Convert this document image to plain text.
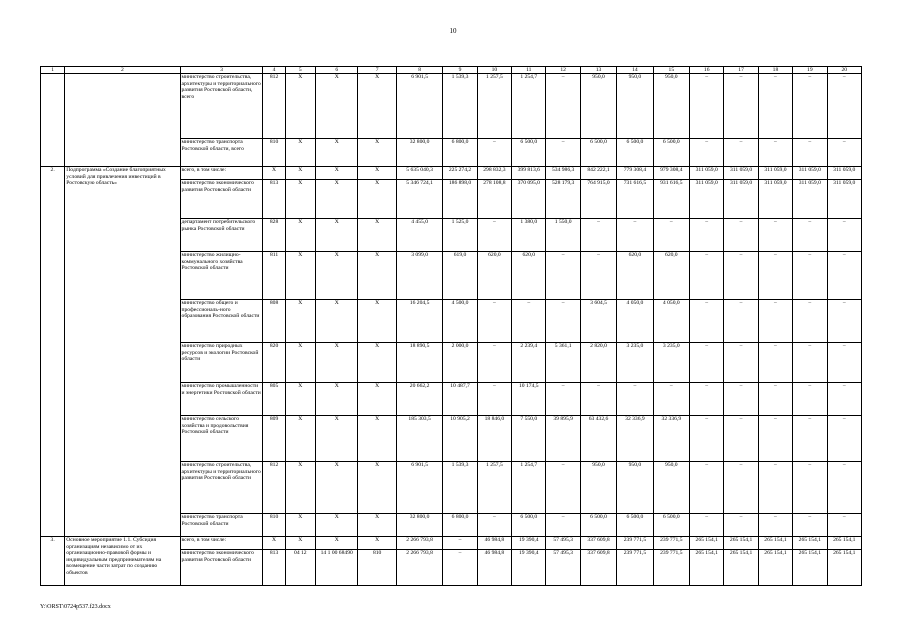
10
1	2	3	4	5	6	7	8	9	10	11	12	13	14	15	16	17	18	19	20
		министерство строительства, архитектуры и территориального развития Ростовской области, всего	812	X	X	X	6 901,5	1 539,3	1 257,5	1 254,7	–	950,0	950,0	950,0	–	–	–	–	–
		министерство транспорта Ростовской области, всего	810	X	X	X	32 800,0	6 800,0	–	6 500,0	–	6 500,0	6 500,0	6 500,0	–	–	–	–	–
2.	Подпрограмма «Создание благоприятных условий для привлечения инвестиций в Ростовскую область»	всего, в том числе:	X	X	X	X	5 635 040,3	225 274,2	298 832,3	399 813,6	534 986,3	842 222,1	779 308,4	979 308,4	311 059,0	311 059,0	311 059,0	311 059,0	311 059,0
		министерство экономического развития Ростовской области	813	X	X	X	5 346 724,1	186 898,0	278 108,8	370 095,0	528 179,3	764 915,0	731 616,5	931 616,5	311 059,0	311 059,0	311 059,0	311 059,0	311 059,0
		департамент потребительского рынка Ростовской области	828	X	X	X	4 455,0	1 525,0	–	1 380,0	1 550,0	–	–	–	–	–	–	–	–
		министерство жилищно-коммунального хозяйства Ростовской области	811	X	X	X	3 099,0	619,0	620,0	620,0	–	–	620,0	620,0	–	–	–	–	–
		министерство общего и профессиональ-ного образования Ростовской области	808	X	X	X	16 204,5	4 500,0	–	–	–	3 604,5	4 050,0	4 050,0	–	–	–	–	–
		министерство природных ресурсов и экологии Ростовской области	820	X	X	X	18 890,5	2 000,0	–	2 239,4	5 361,1	2 820,0	3 235,0	3 235,0	–	–	–	–	–
		министерство промышленности и энергетики Ростовской области	805	X	X	X	20 662,2	10 487,7	–	10 174,5	–	–	–	–	–	–	–	–	–
		министерство сельского хозяйства и продовольствия Ростовской области	809	X	X	X	185 303,5	10 905,2	18 846,0	7 550,0	39 895,9	63 432,6	32 336,9	32 336,9	–	–	–	–	–
		министерство строительства, архитектуры и территориального развития Ростовской области	812	X	X	X	6 901,5	1 539,3	1 257,5	1 254,7	–	950,0	950,0	950,0	–	–	–	–	–
		министерство транспорта Ростовской области	810	X	X	X	32 800,0	6 800,0	–	6 500,0	–	6 500,0	6 500,0	6 500,0	–	–	–	–	–
3.	Основное мероприятие 1.1. Субсидия организациям независимо от их организационно-правовой формы и индивидуальным предпринимателям на возмещение части затрат по созданию объектов	всего, в том числе:	X	X	X	X	2 266 793,8	–	46 984,8	19 390,4	57 495,3	337 609,8	239 771,5	239 771,5	265 154,1	265 154,1	265 154,1	265 154,1	265 154,1
		министерство экономического развития Ростовской области	813	04 12	14 1 00 68490	810	2 266 793,8	–	46 984,8	19 390,4	57 495,3	337 609,8	239 771,5	239 771,5	265 154,1	265 154,1	265 154,1	265 154,1	265 154,1
Y:\ORST\0724p537.f23.docx
